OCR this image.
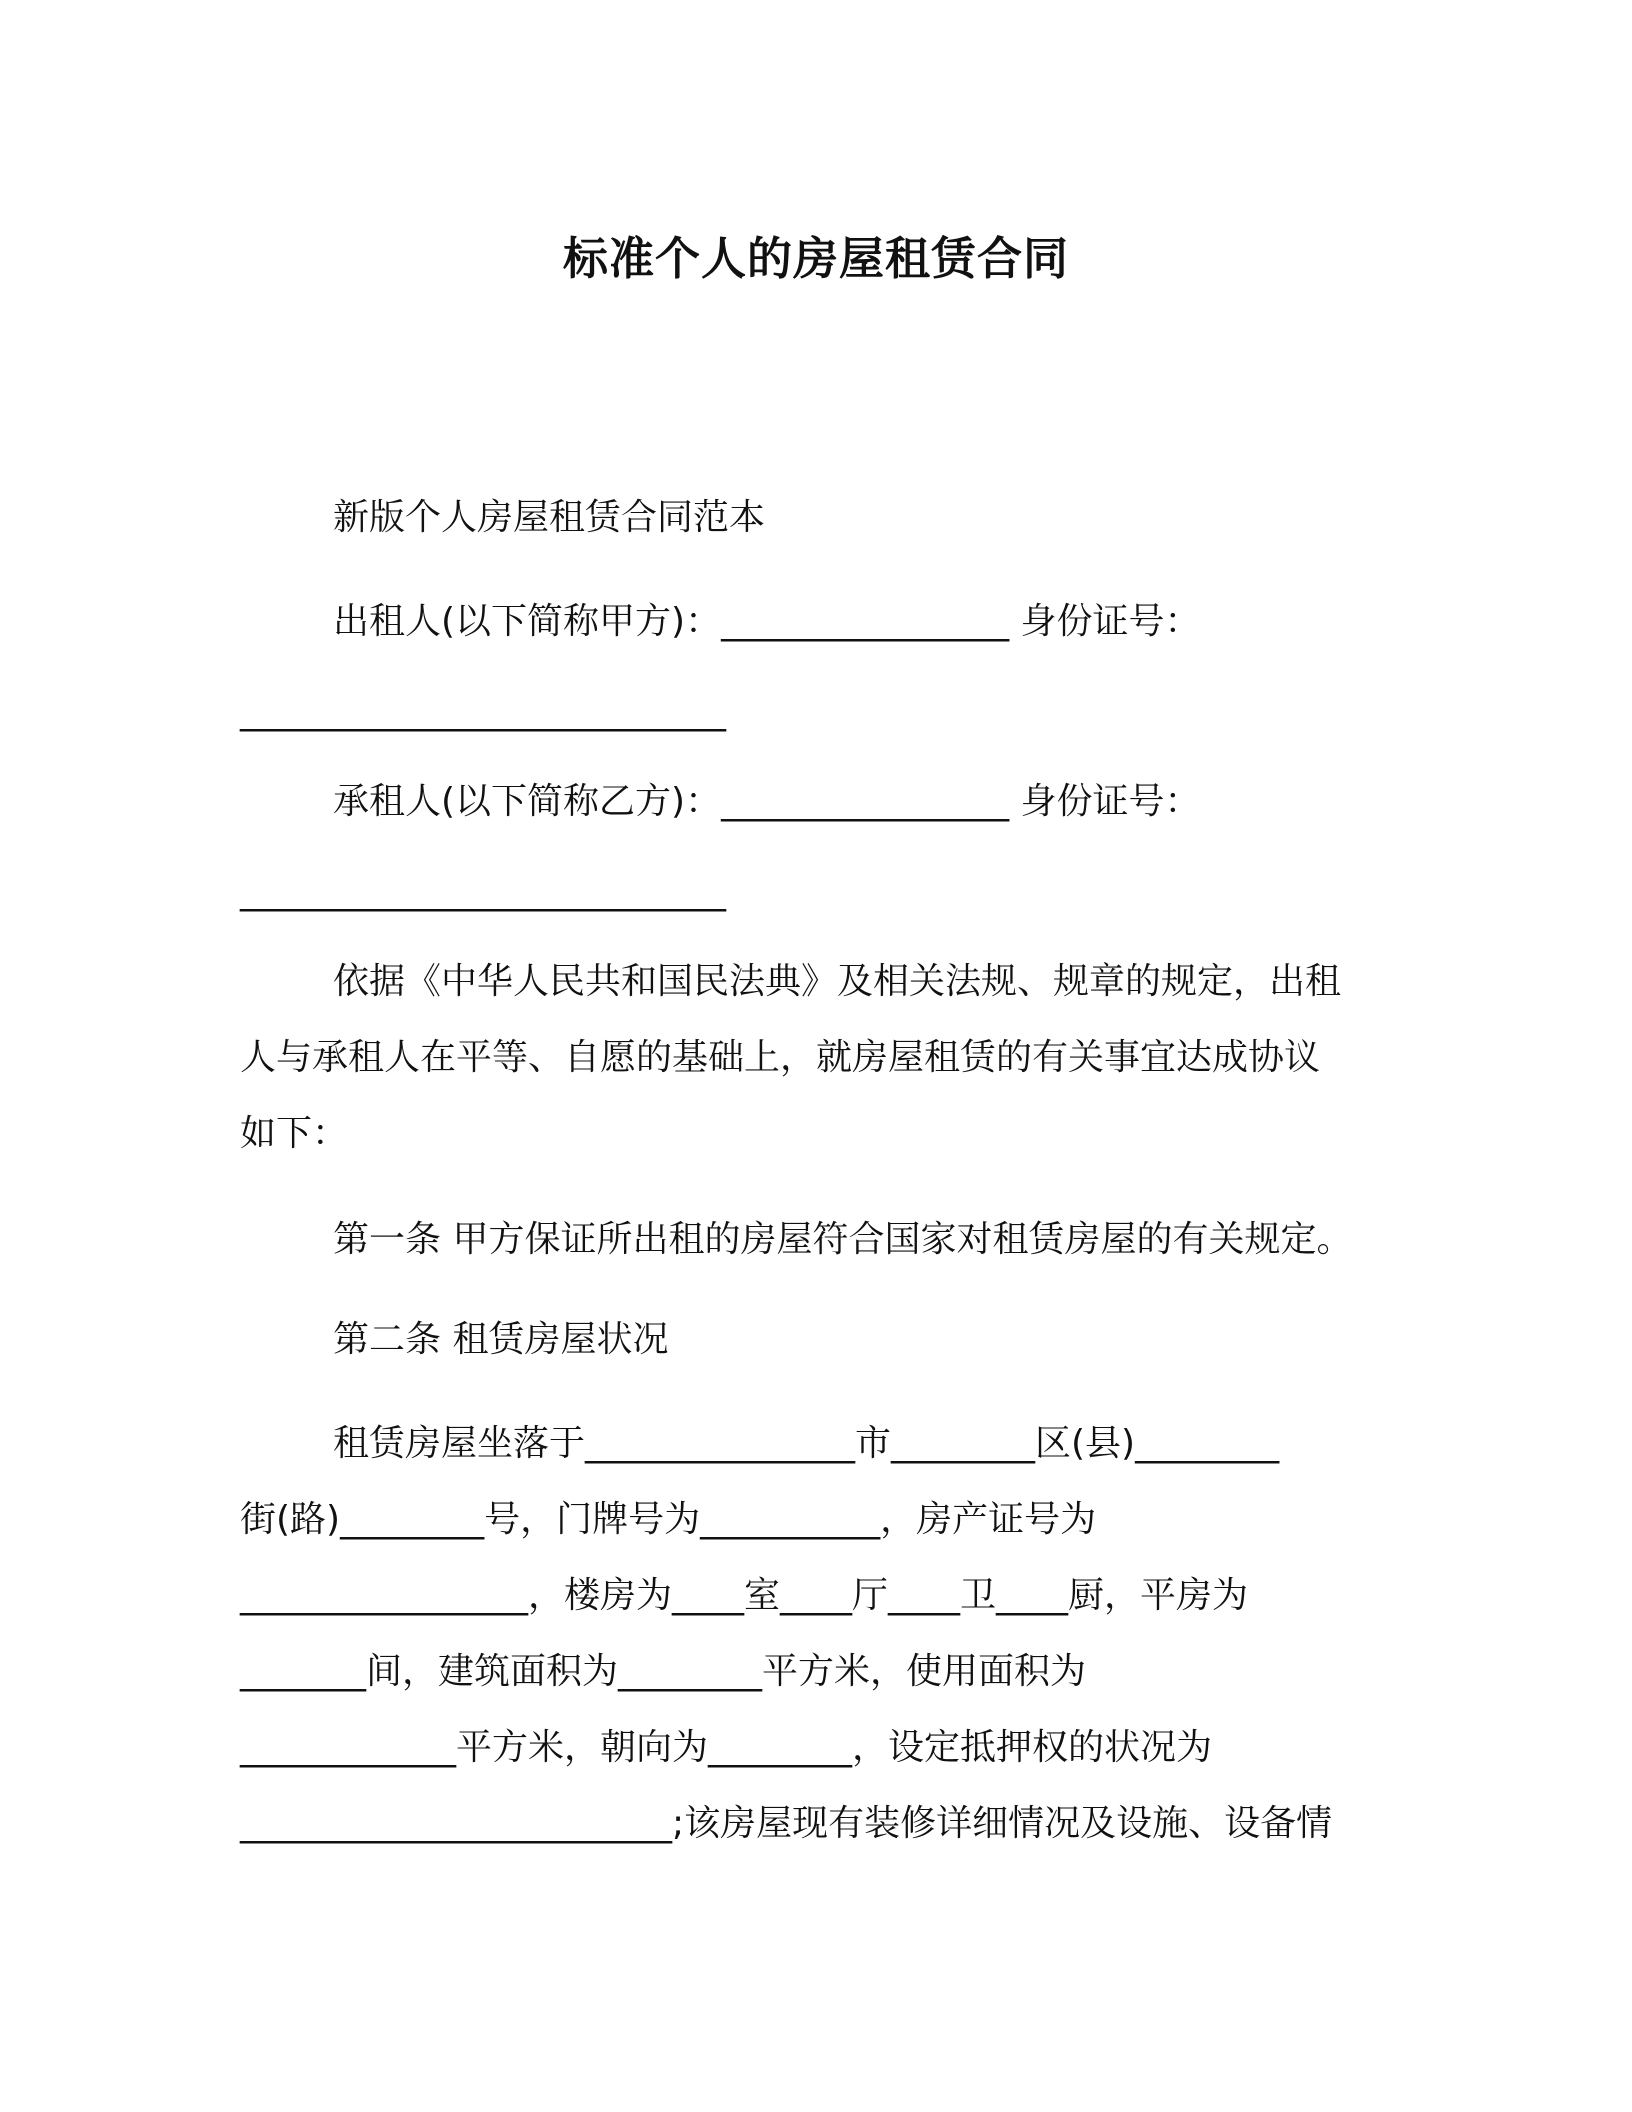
标准个人的房屋租赁合同
新版个人房屋租赁合同范本
出租人(以下简称甲方)：________________ 身份证号：
___________________________
承租人(以下简称乙方)：________________ 身份证号：
___________________________
依据《中华人民共和国民法典》及相关法规、规章的规定，出租
人与承租人在平等、自愿的基础上，就房屋租赁的有关事宜达成协议
如下：
第一条 甲方保证所出租的房屋符合国家对租赁房屋的有关规定。
第二条 租赁房屋状况
租赁房屋坐落于_______________市________区(县)________
街(路)________号，门牌号为__________，房产证号为
________________，楼房为____室____厅____卫____厨，平房为
_______间，建筑面积为________平方米，使用面积为
____________平方米，朝向为________，设定抵押权的状况为
________________________;该房屋现有装修详细情况及设施、设备情
